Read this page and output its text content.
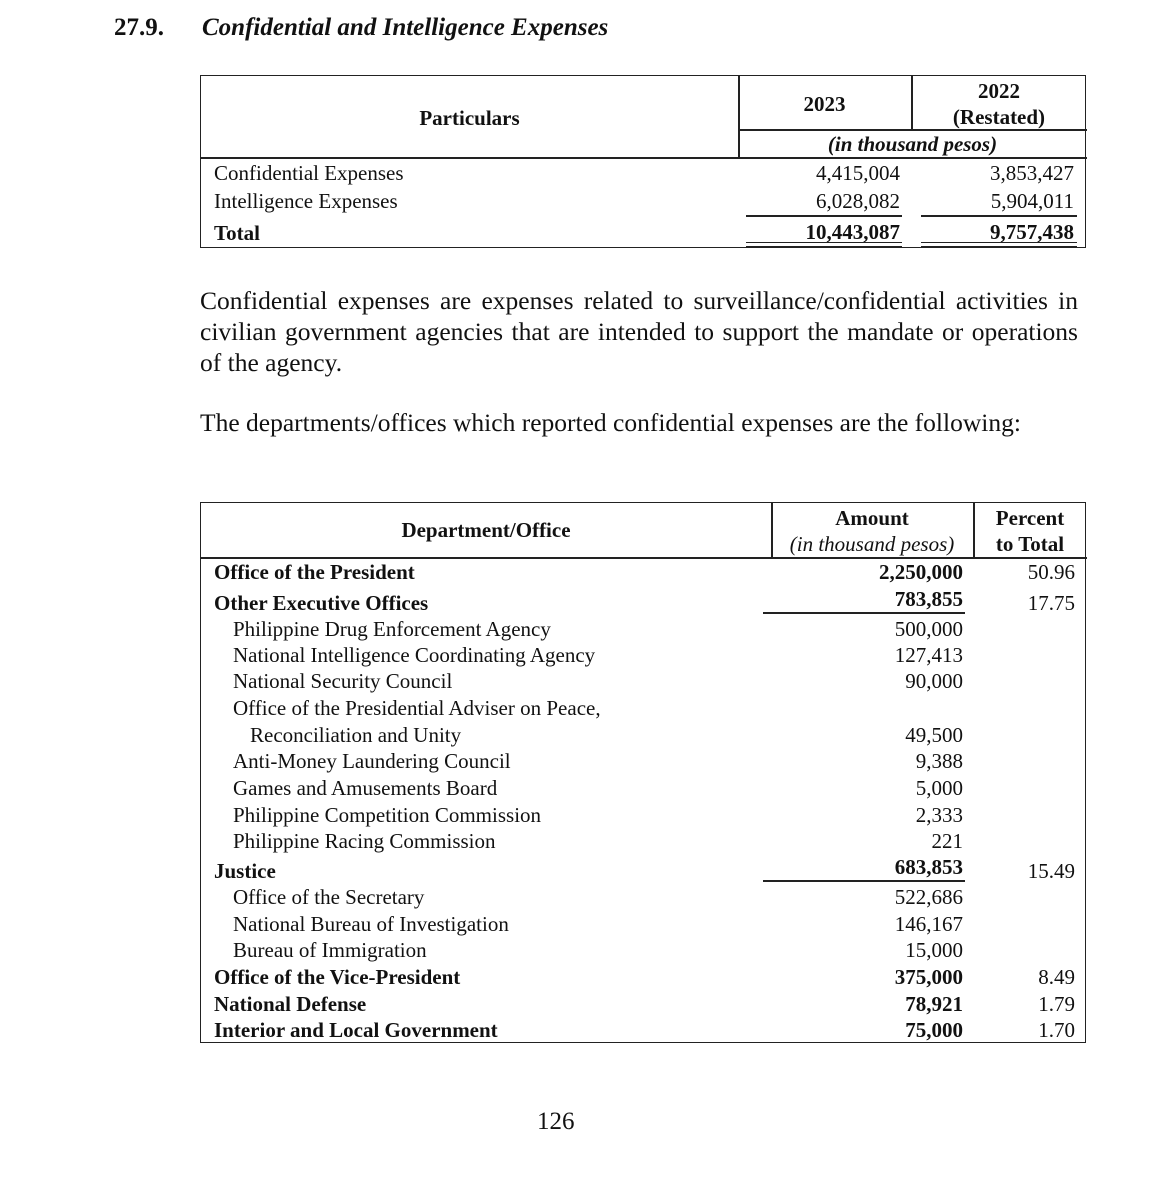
27.9. Confidential and Intelligence Expenses
Particulars
2023
2022
(Restated)
(in thousand pesos)
Confidential Expenses	4,415,004	3,853,427
Intelligence Expenses	6,028,082	5,904,011
Total	10,443,087	9,757,438
Confidential expenses are expenses related to surveillance/confidential activities in civilian government agencies that are intended to support the mandate or operations of the agency.
The departments/offices which reported confidential expenses are the following:
Department/Office	Amount
(in thousand pesos)
Percent
to Total
Office of the President	2,250,000	50.96
Other Executive Offices	783,855	17.75
Philippine Drug Enforcement Agency	500,000
National Intelligence Coordinating Agency	127,413
National Security Council	90,000
Office of the Presidential Adviser on Peace,
Reconciliation and Unity	49,500
Anti-Money Laundering Council	9,388
Games and Amusements Board	5,000
Philippine Competition Commission	2,333
Philippine Racing Commission	221
Justice	683,853	15.49
Office of the Secretary	522,686
National Bureau of Investigation	146,167
Bureau of Immigration	15,000
Office of the Vice-President	375,000	8.49
National Defense	78,921	1.79
Interior and Local Government	75,000	1.70
126
